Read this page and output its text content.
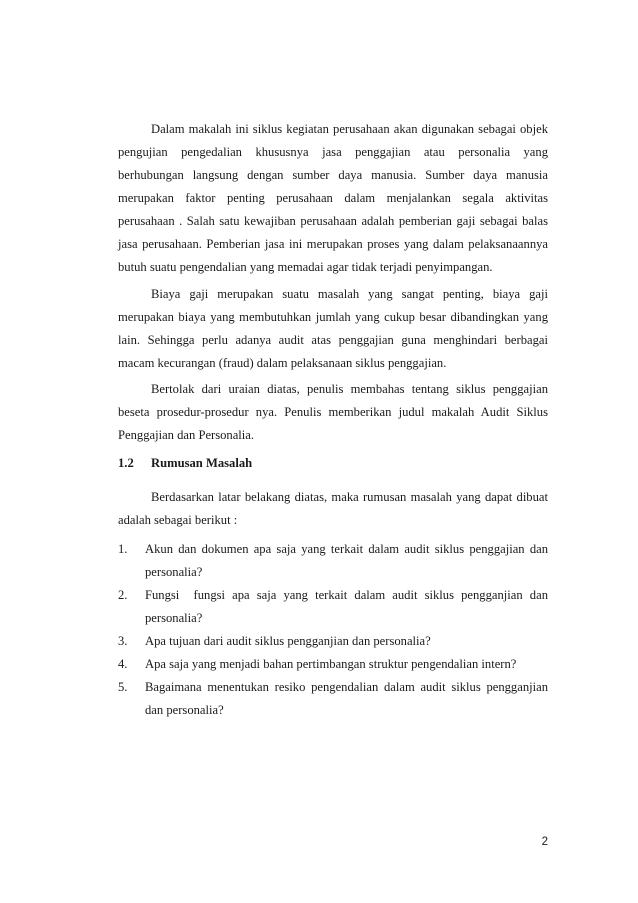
Dalam makalah ini siklus kegiatan perusahaan akan digunakan sebagai objek
pengujian pengedalian khususnya jasa penggajian atau personalia yang
berhubungan langsung dengan sumber daya manusia. Sumber daya manusia
merupakan faktor penting perusahaan dalam menjalankan segala aktivitas
perusahaan . Salah satu kewajiban perusahaan adalah pemberian gaji sebagai balas
jasa perusahaan. Pemberian jasa ini merupakan proses yang dalam pelaksanaannya
butuh suatu pengendalian yang memadai agar tidak terjadi penyimpangan.
Biaya gaji merupakan suatu masalah yang sangat penting, biaya gaji
merupakan biaya yang membutuhkan jumlah yang cukup besar dibandingkan yang
lain. Sehingga perlu adanya audit atas penggajian guna menghindari berbagai
macam kecurangan (fraud) dalam pelaksanaan siklus penggajian.
Bertolak dari uraian diatas, penulis membahas tentang siklus penggajian
beseta prosedur-prosedur nya. Penulis memberikan judul makalah Audit Siklus
Penggajian dan Personalia.
1.2 Rumusan Masalah
Berdasarkan latar belakang diatas, maka rumusan masalah yang dapat dibuat
adalah sebagai berikut :
1. Akun dan dokumen apa saja yang terkait dalam audit siklus penggajian dan
personalia?
2. Fungsi  fungsi apa saja yang terkait dalam audit siklus pengganjian dan
personalia?
3. Apa tujuan dari audit siklus pengganjian dan personalia?
4. Apa saja yang menjadi bahan pertimbangan struktur pengendalian intern?
5. Bagaimana menentukan resiko pengendalian dalam audit siklus pengganjian
dan personalia?
2
